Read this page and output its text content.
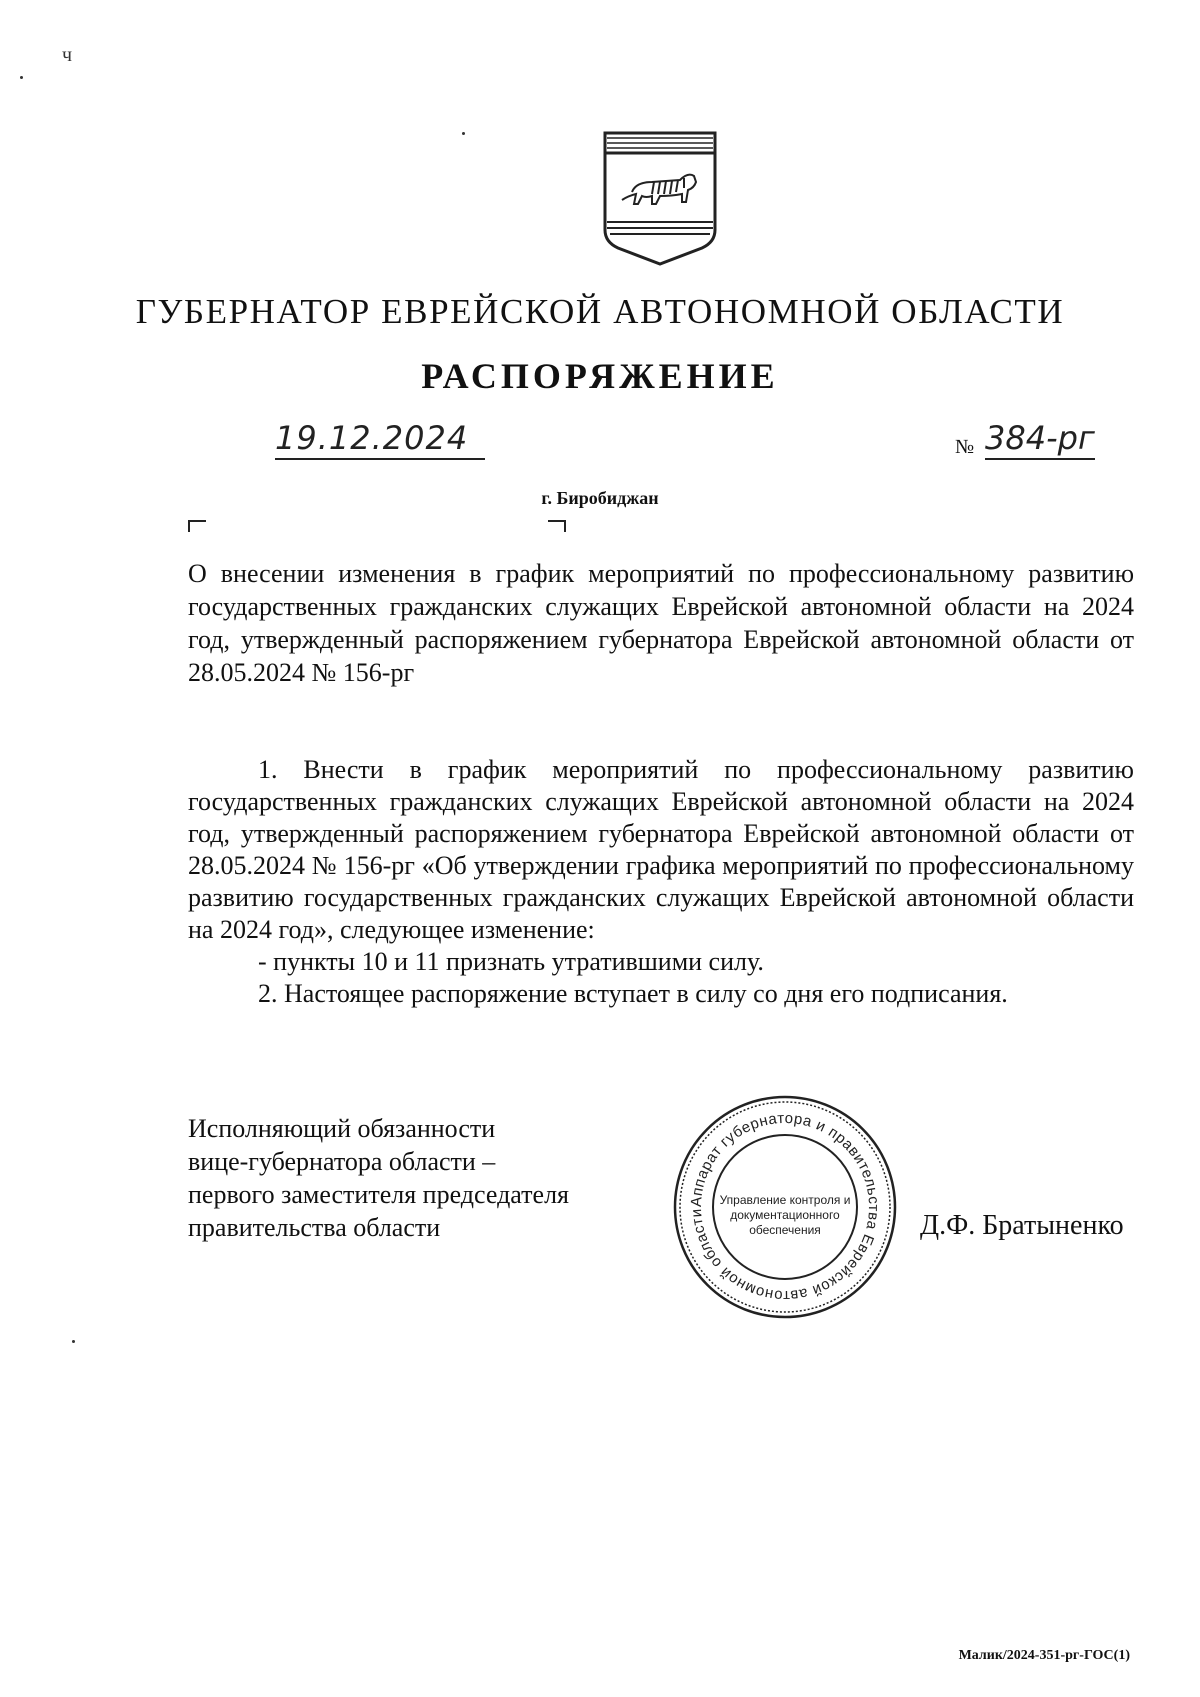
ч
ГУБЕРНАТОР ЕВРЕЙСКОЙ АВТОНОМНОЙ ОБЛАСТИ
РАСПОРЯЖЕНИЕ
19.12.2024	№ 384-рг
г. Биробиджан
О внесении изменения в график мероприятий по профессиональному развитию государственных гражданских служащих Еврейской автономной области на 2024 год, утвержденный распоряжением губернатора Еврейской автономной области от 28.05.2024 № 156-рг

1. Внести в график мероприятий по профессиональному развитию государственных гражданских служащих Еврейской автономной области на 2024 год, утвержденный распоряжением губернатора Еврейской автономной области от 28.05.2024 № 156-рг «Об утверждении графика мероприятий по профессиональному развитию государственных гражданских служащих Еврейской автономной области на 2024 год», следующее изменение:

- пункты 10 и 11 признать утратившими силу.

2. Настоящее распоряжение вступает в силу со дня его подписания.

Исполняющий обязанности
вице-губернатора области –
первого заместителя председателя
правительства области
Аппарат губернатора и правительства Еврейской автономной области
Управление контроля и
документационного
обеспечения	Д.Ф. Братыненко
Малик/2024-351-рг-ГОС(1)
